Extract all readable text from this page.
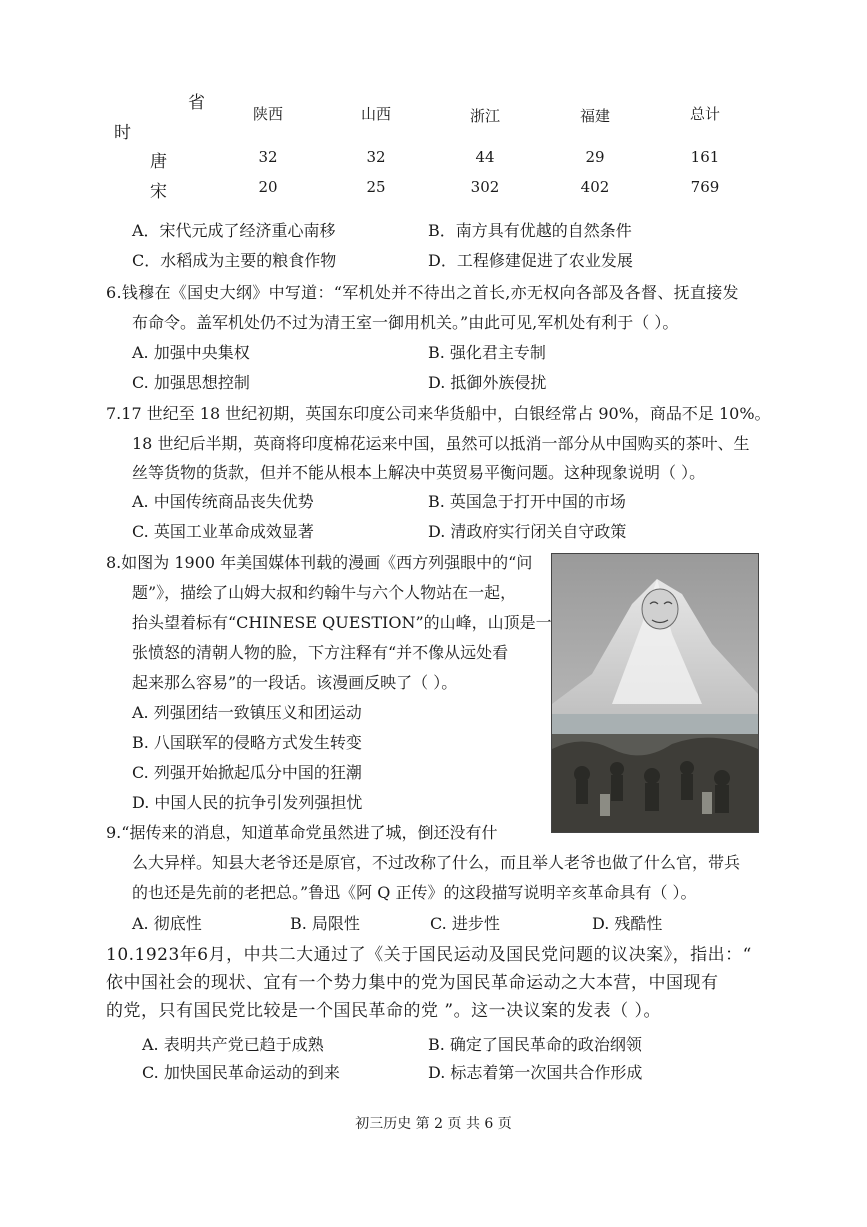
省
时
陕西	山西	浙江	福建	总计
唐	32	32	44	29	161
宋	20	25	302	402	769
A．宋代元成了经济重心南移	B．南方具有优越的自然条件
C．水稻成为主要的粮食作物	D．工程修建促进了农业发展
6.钱穆在《国史大纲》中写道：“军机处并不待出之首长,亦无权向各部及各督、抚直接发
布命令。盖军机处仍不过为清王室一御用机关。”由此可见,军机处有利于（ ）。
A. 加强中央集权	B. 强化君主专制
C. 加强思想控制	D. 抵御外族侵扰
7.17 世纪至 18 世纪初期，英国东印度公司来华货船中，白银经常占 90%，商品不足 10%。
18 世纪后半期，英商将印度棉花运来中国，虽然可以抵消一部分从中国购买的茶叶、生
丝等货物的货款，但并不能从根本上解决中英贸易平衡问题。这种现象说明（ ）。
A. 中国传统商品丧失优势	B. 英国急于打开中国的市场
C. 英国工业革命成效显著	D. 清政府实行闭关自守政策
8.如图为 1900 年美国媒体刊载的漫画《西方列强眼中的“问
题”》，描绘了山姆大叔和约翰牛与六个人物站在一起，
抬头望着标有“CHINESE QUESTION”的山峰，山顶是一
张愤怒的清朝人物的脸，下方注释有“并不像从远处看
起来那么容易”的一段话。该漫画反映了（ ）。
A. 列强团结一致镇压义和团运动
B. 八国联军的侵略方式发生转变
C. 列强开始掀起瓜分中国的狂潮
D. 中国人民的抗争引发列强担忧
9.“据传来的消息，知道革命党虽然进了城，倒还没有什
么大异样。知县大老爷还是原官，不过改称了什么，而且举人老爷也做了什么官，带兵
的也还是先前的老把总。”鲁迅《阿 Q 正传》的这段描写说明辛亥革命具有（ ）。
A. 彻底性	B. 局限性	C. 进步性	D. 残酷性
10.1923年6月，中共二大通过了《关于国民运动及国民党问题的议决案》，指出：“
依中国社会的现状、宜有一个势力集中的党为国民革命运动之大本营，中国现有
的党，只有国民党比较是一个国民革命的党 ”。这一决议案的发表（ ）。
A. 表明共产党已趋于成熟	B. 确定了国民革命的政治纲领
C. 加快国民革命运动的到来	D. 标志着第一次国共合作形成
初三历史 第 2 页 共 6 页
